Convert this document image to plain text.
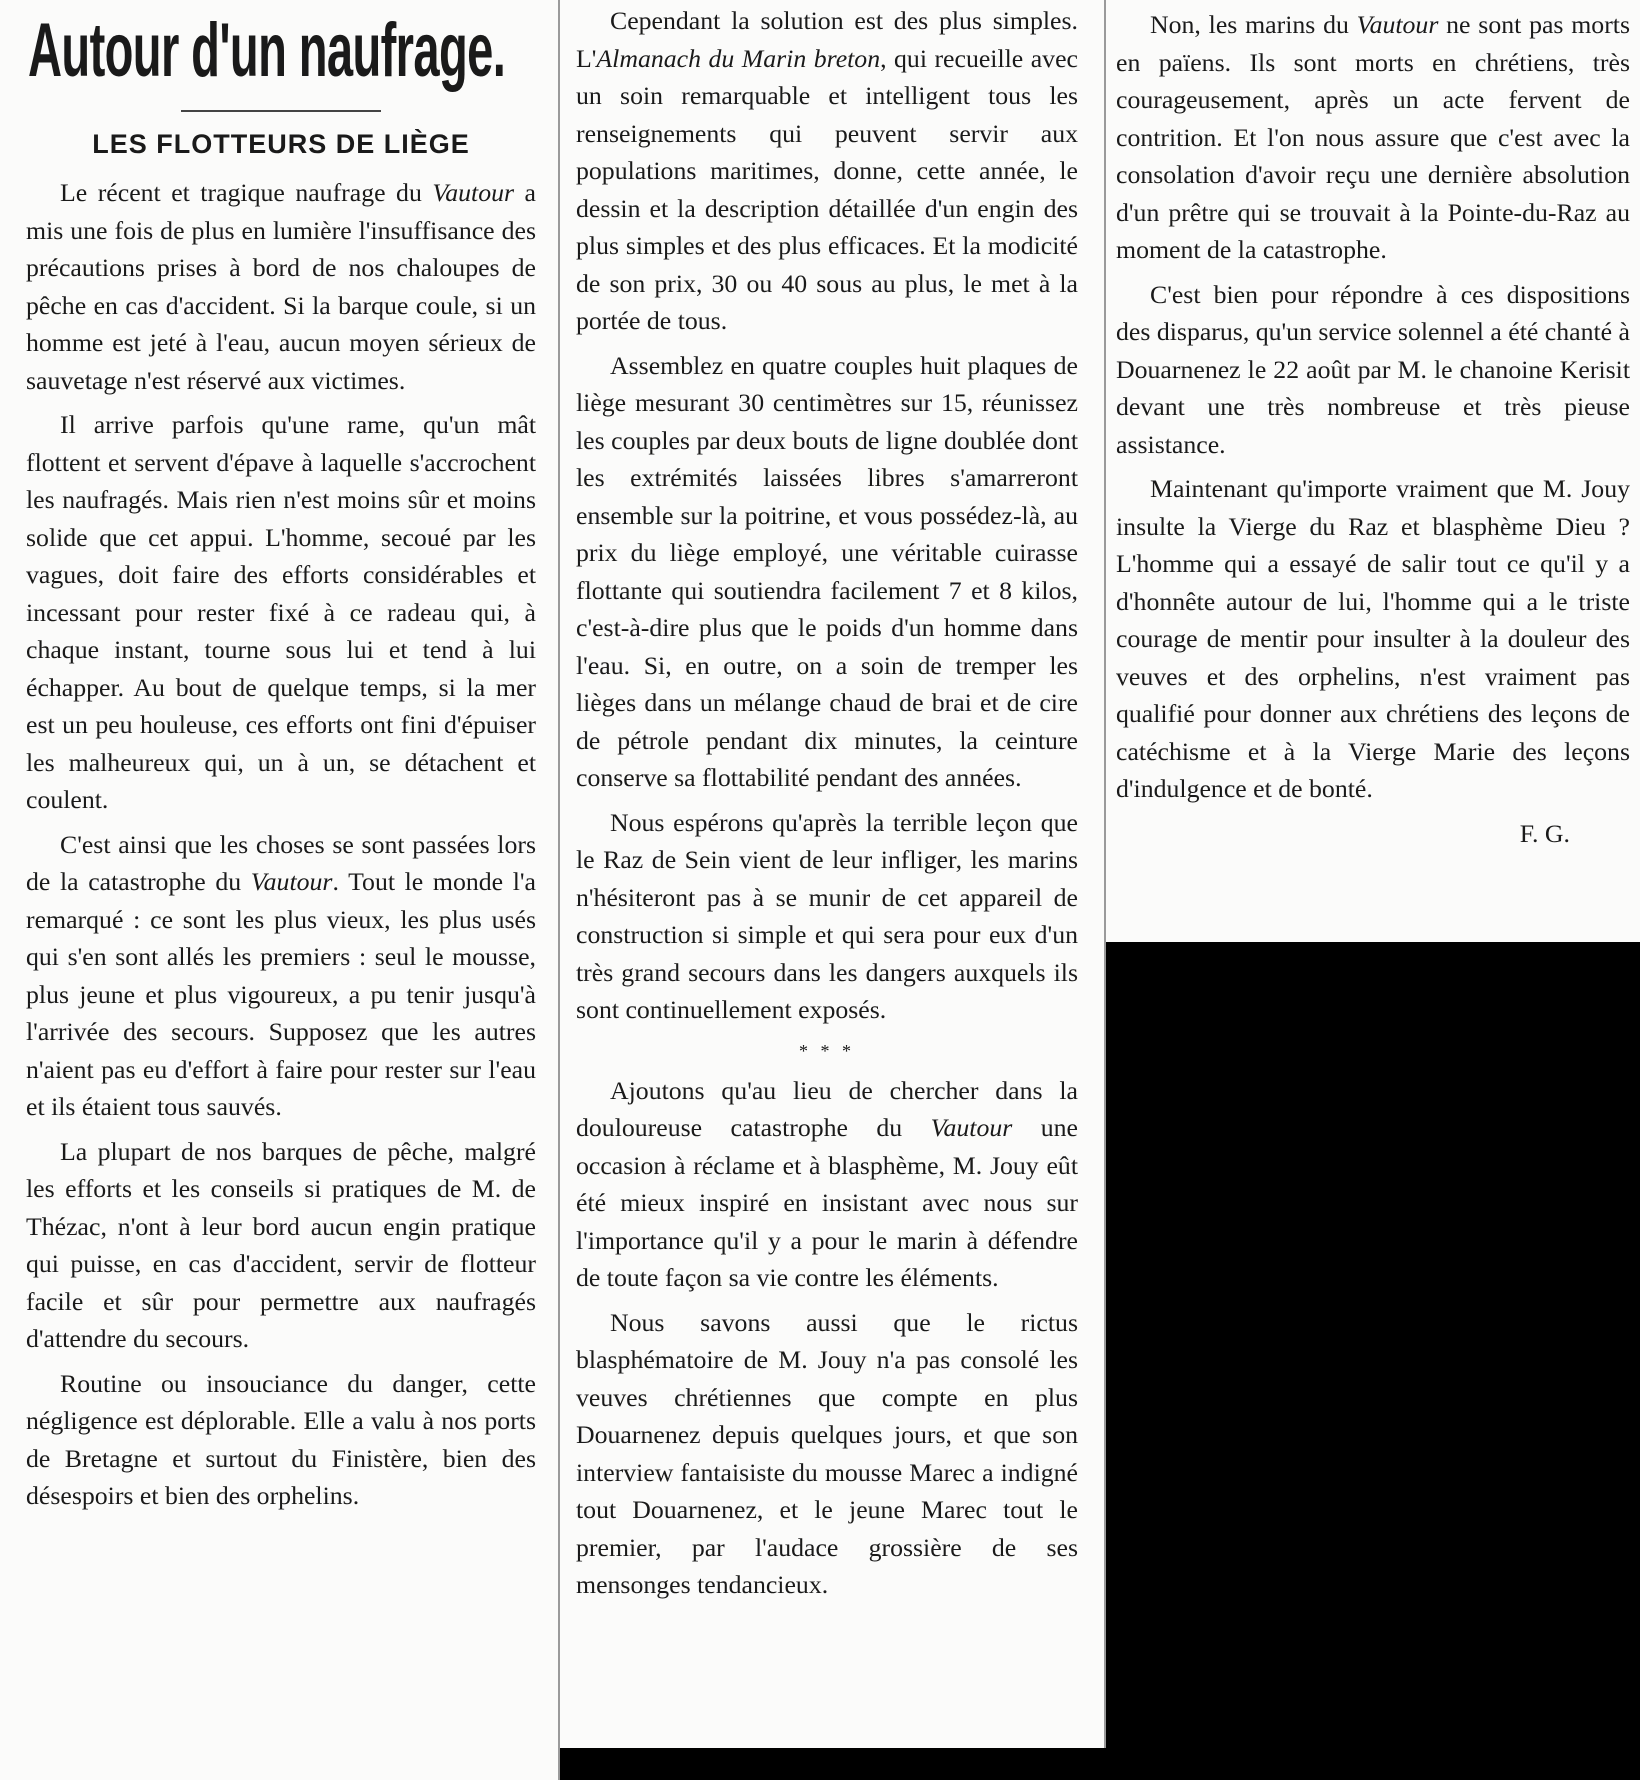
Autour d'un naufrage.
LES FLOTTEURS DE LIÈGE

Le récent et tragique naufrage du Vautour a mis une fois de plus en lumière l'insuffisance des précautions prises à bord de nos chaloupes de pêche en cas d'accident. Si la barque coule, si un homme est jeté à l'eau, aucun moyen sérieux de sauvetage n'est réservé aux victimes.

Il arrive parfois qu'une rame, qu'un mât flottent et servent d'épave à laquelle s'accrochent les naufragés. Mais rien n'est moins sûr et moins solide que cet appui. L'homme, secoué par les vagues, doit faire des efforts considérables et incessant pour rester fixé à ce radeau qui, à chaque instant, tourne sous lui et tend à lui échapper. Au bout de quelque temps, si la mer est un peu houleuse, ces efforts ont fini d'épuiser les malheureux qui, un à un, se détachent et coulent.

C'est ainsi que les choses se sont passées lors de la catastrophe du Vautour. Tout le monde l'a remarqué : ce sont les plus vieux, les plus usés qui s'en sont allés les premiers : seul le mousse, plus jeune et plus vigoureux, a pu tenir jusqu'à l'arrivée des secours. Supposez que les autres n'aient pas eu d'effort à faire pour rester sur l'eau et ils étaient tous sauvés.

La plupart de nos barques de pêche, malgré les efforts et les conseils si pratiques de M. de Thézac, n'ont à leur bord aucun engin pratique qui puisse, en cas d'accident, servir de flotteur facile et sûr pour permettre aux naufragés d'attendre du secours.

Routine ou insouciance du danger, cette négligence est déplorable. Elle a valu à nos ports de Bretagne et surtout du Finistère, bien des désespoirs et bien des orphelins.

Cependant la solution est des plus simples. L'Almanach du Marin breton, qui recueille avec un soin remarquable et intelligent tous les renseignements qui peuvent servir aux populations maritimes, donne, cette année, le dessin et la description détaillée d'un engin des plus simples et des plus efficaces. Et la modicité de son prix, 30 ou 40 sous au plus, le met à la portée de tous.

Assemblez en quatre couples huit plaques de liège mesurant 30 centimètres sur 15, réunissez les couples par deux bouts de ligne doublée dont les extrémités laissées libres s'amarreront ensemble sur la poitrine, et vous possédez-là, au prix du liège employé, une véritable cuirasse flottante qui soutiendra facilement 7 et 8 kilos, c'est-à-dire plus que le poids d'un homme dans l'eau. Si, en outre, on a soin de tremper les lièges dans un mélange chaud de brai et de cire de pétrole pendant dix minutes, la ceinture conserve sa flottabilité pendant des années.

Nous espérons qu'après la terrible leçon que le Raz de Sein vient de leur infliger, les marins n'hésiteront pas à se munir de cet appareil de construction si simple et qui sera pour eux d'un très grand secours dans les dangers auxquels ils sont continuellement exposés.

* * *

Ajoutons qu'au lieu de chercher dans la douloureuse catastrophe du Vautour une occasion à réclame et à blasphème, M. Jouy eût été mieux inspiré en insistant avec nous sur l'importance qu'il y a pour le marin à défendre de toute façon sa vie contre les éléments.

Nous savons aussi que le rictus blasphématoire de M. Jouy n'a pas consolé les veuves chrétiennes que compte en plus Douarnenez depuis quelques jours, et que son interview fantaisiste du mousse Marec a indigné tout Douarnenez, et le jeune Marec tout le premier, par l'audace grossière de ses mensonges tendancieux.

Non, les marins du Vautour ne sont pas morts en païens. Ils sont morts en chrétiens, très courageusement, après un acte fervent de contrition. Et l'on nous assure que c'est avec la consolation d'avoir reçu une dernière absolution d'un prêtre qui se trouvait à la Pointe-du-Raz au moment de la catastrophe.

C'est bien pour répondre à ces dispositions des disparus, qu'un service solennel a été chanté à Douarnenez le 22 août par M. le chanoine Kerisit devant une très nombreuse et très pieuse assistance.

Maintenant qu'importe vraiment que M. Jouy insulte la Vierge du Raz et blasphème Dieu ? L'homme qui a essayé de salir tout ce qu'il y a d'honnête autour de lui, l'homme qui a le triste courage de mentir pour insulter à la douleur des veuves et des orphelins, n'est vraiment pas qualifié pour donner aux chrétiens des leçons de catéchisme et à la Vierge Marie des leçons d'indulgence et de bonté.

F. G.
